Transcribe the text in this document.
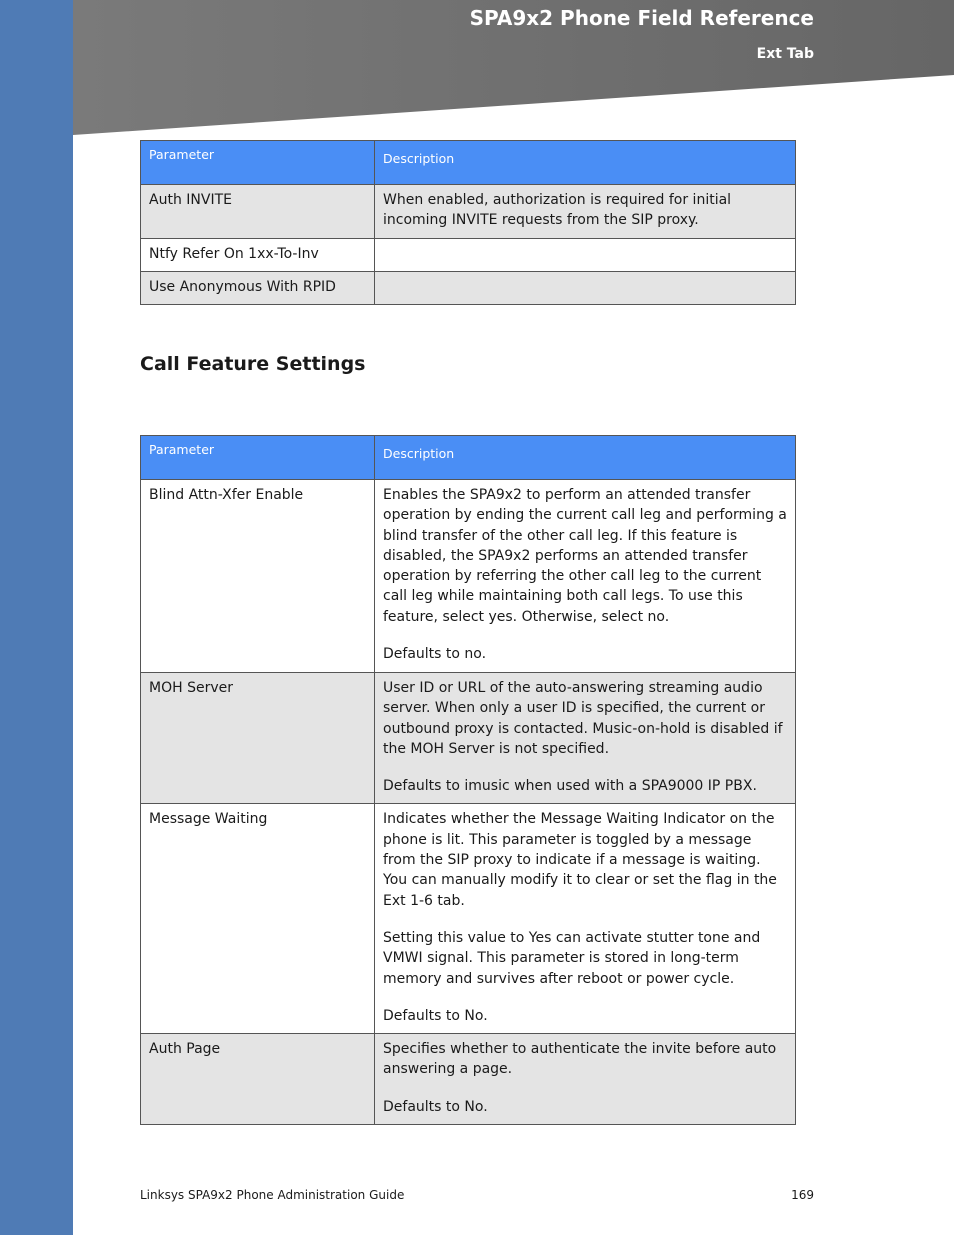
SPA9x2 Phone Field Reference
Ext Tab
Parameter	Description
Auth INVITE	When enabled, authorization is required for initial incoming INVITE requests from the SIP proxy.

Ntfy Refer On 1xx-To-Inv	

Use Anonymous With RPID	

Call Feature Settings
Parameter	Description
Blind Attn-Xfer Enable	Enables the SPA9x2 to perform an attended transfer operation by ending the current call leg and performing a blind transfer of the other call leg. If this feature is disabled, the SPA9x2 performs an attended transfer operation by referring the other call leg to the current call leg while maintaining both call legs. To use this feature, select yes. Otherwise, select no.

Defaults to no.

MOH Server	User ID or URL of the auto-answering streaming audio server. When only a user ID is specified, the current or outbound proxy is contacted. Music-on-hold is disabled if the MOH Server is not specified.

Defaults to imusic when used with a SPA9000 IP PBX.

Message Waiting	Indicates whether the Message Waiting Indicator on the phone is lit. This parameter is toggled by a message from the SIP proxy to indicate if a message is waiting. You can manually modify it to clear or set the flag in the Ext 1-6 tab.

Setting this value to Yes can activate stutter tone and VMWI signal. This parameter is stored in long-term memory and survives after reboot or power cycle.

Defaults to No.

Auth Page	Specifies whether to authenticate the invite before auto answering a page.

Defaults to No.

Linksys SPA9x2 Phone Administration Guide	169
